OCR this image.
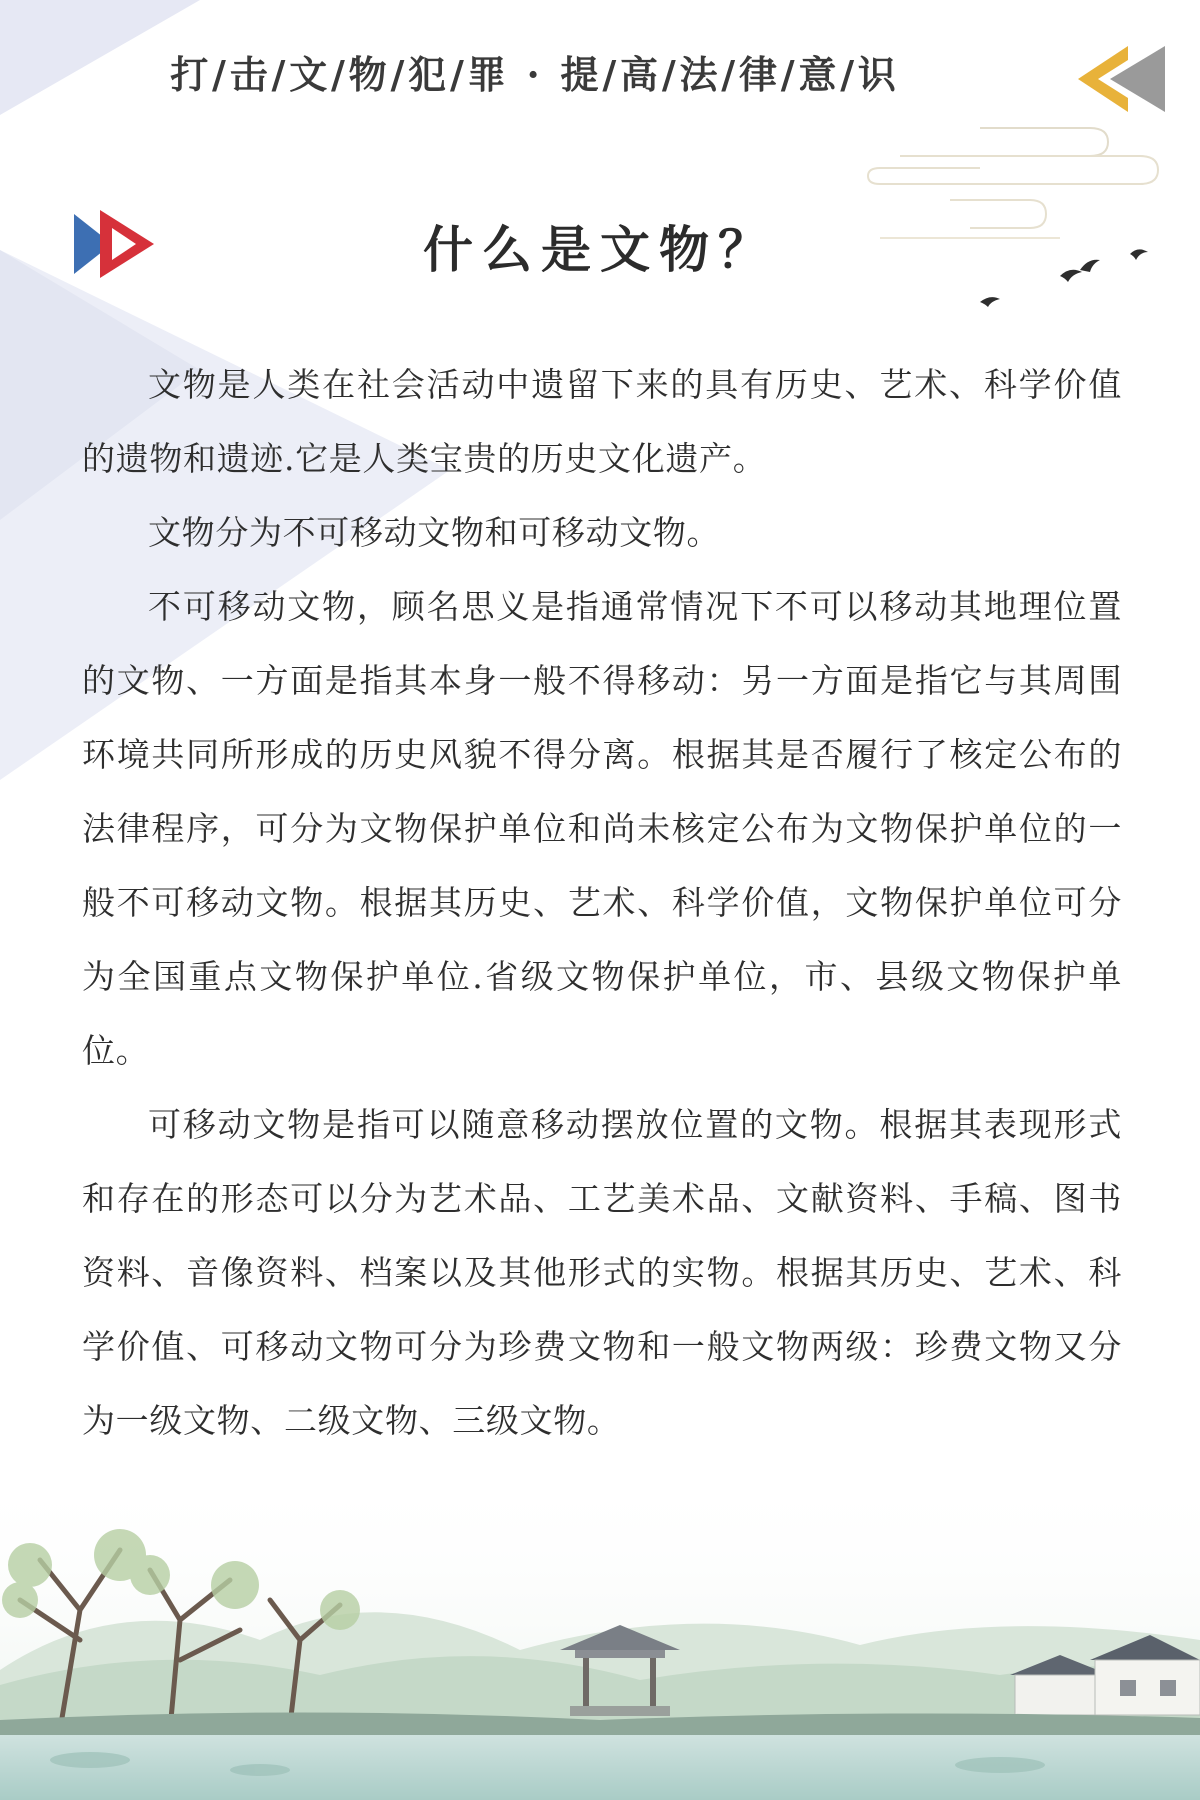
打/击/文/物/犯/罪 · 提/高/法/律/意/识
什么是文物？

文物是人类在社会活动中遗留下来的具有历史、艺术、科学价值的遗物和遗迹.它是人类宝贵的历史文化遗产。

文物分为不可移动文物和可移动文物。

不可移动文物，顾名思义是指通常情况下不可以移动其地理位置的文物、一方面是指其本身一般不得移动：另一方面是指它与其周围环境共同所形成的历史风貌不得分离。根据其是否履行了核定公布的法律程序，可分为文物保护单位和尚未核定公布为文物保护单位的一般不可移动文物。根据其历史、艺术、科学价值，文物保护单位可分为全国重点文物保护单位.省级文物保护单位，市、县级文物保护单位。

可移动文物是指可以随意移动摆放位置的文物。根据其表现形式和存在的形态可以分为艺术品、工艺美术品、文献资料、手稿、图书资料、音像资料、档案以及其他形式的实物。根据其历史、艺术、科学价值、可移动文物可分为珍费文物和一般文物两级：珍费文物又分为一级文物、二级文物、三级文物。
